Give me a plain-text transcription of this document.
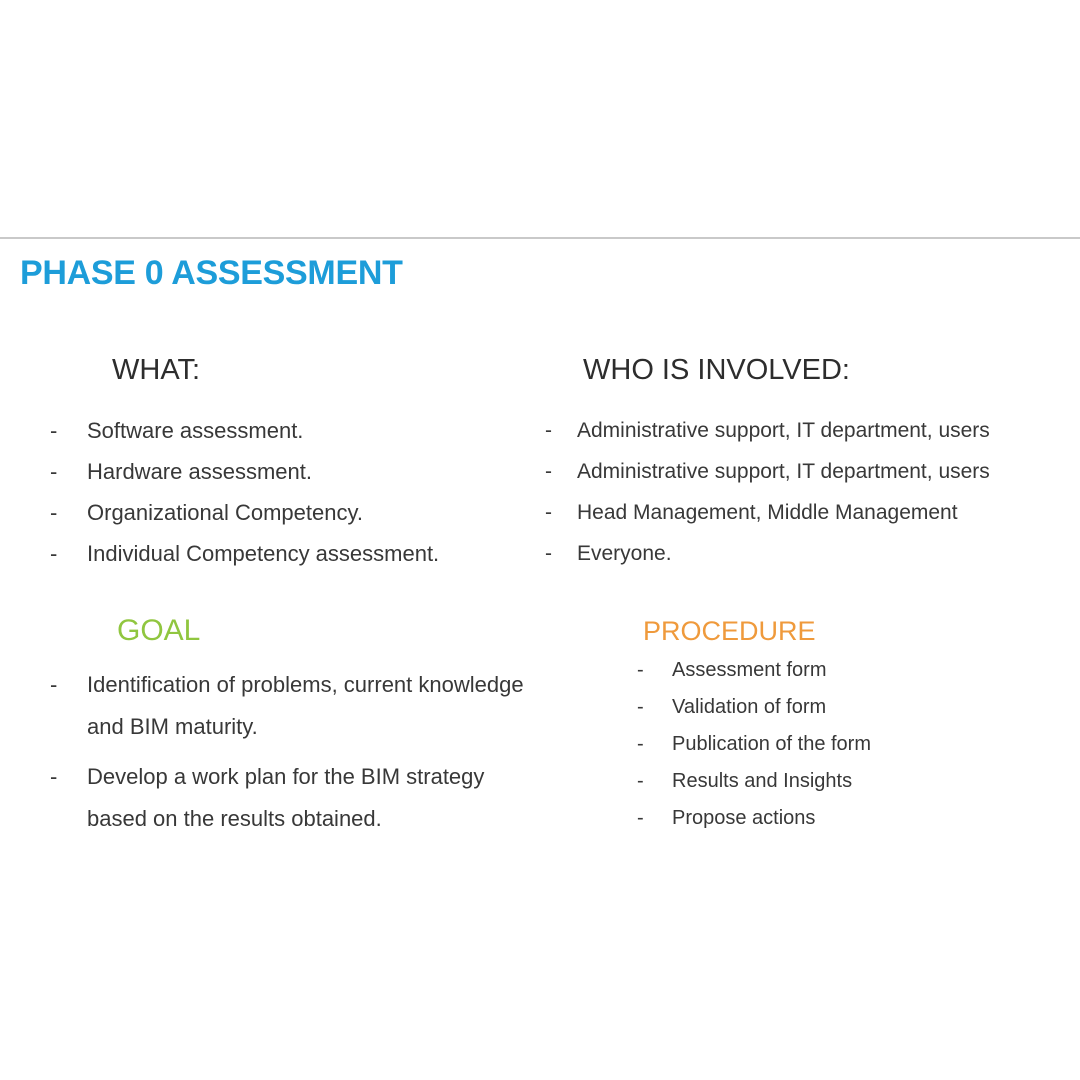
PHASE 0 ASSESSMENT
WHAT:	WHO IS INVOLVED:
-	Software assessment.
-	Hardware assessment.
-	Organizational Competency.
-	Individual Competency assessment.
-	Administrative support, IT department, users
-	Administrative support, IT department, users
-	Head Management, Middle Management
-	Everyone.
GOAL
-	Identification of problems, current knowledge
and BIM maturity.
-	Develop a work plan for the BIM strategy
based on the results obtained.
PROCEDURE
-	Assessment form
-	Validation of form
-	Publication of the form
-	Results and Insights
-	Propose actions
